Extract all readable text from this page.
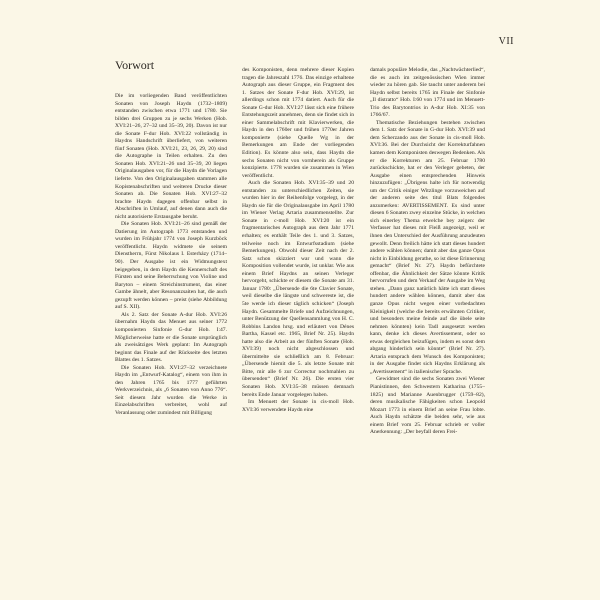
VII
Vorwort

Die im vorliegenden Band veröffentlichten Sonaten von Joseph Haydn (1732–1809) entstanden zwischen etwa 1771 und 1780. Sie bilden drei Gruppen zu je sechs Werken (Hob. XVI:21–26, 27–32 und 35–39, 20). Davon ist nur die Sonate F-dur Hob. XVI:22 vollständig in Haydns Handschrift überliefert, von weiteren fünf Sonaten (Hob. XVI:21, 23, 26, 29, 20) sind die Autographe in Teilen erhalten. Zu den Sonaten Hob. XVI:21–26 und 35–39, 20 liegen Originalausgaben vor, für die Haydn die Vorlagen lieferte. Von den Originalausgaben stammen alle Kopistenabschriften und weiteren Drucke dieser Sonaten ab. Die Sonaten Hob. XVI:27–32 brachte Haydn dagegen offenbar selbst in Abschriften in Umlauf, auf denen dann auch die nicht autorisierte Erstausgabe beruht.

Die Sonaten Hob. XVI:21–26 sind gemäß der Datierung im Autograph 1773 entstanden und wurden im Frühjahr 1774 von Joseph Kurzböck veröffentlicht. Haydn widmete sie seinem Dienstherrn, Fürst Nikolaus I. Esterházy (1714–90). Der Ausgabe ist ein Widmungstext beigegeben, in dem Haydn die Kennerschaft des Fürsten und seine Beherrschung von Violine und Baryton – einem Streichinstrument, das einer Gambe ähnelt, aber Resonanzsaiten hat, die auch gezupft werden können – preist (siehe Abbildung auf S. XII).

Als 2. Satz der Sonate A-dur Hob. XVI:26 übernahm Haydn das Menuet aus seiner 1772 komponierten Sinfonie G-dur Hob. I:47. Möglicherweise hatte er die Sonate ursprünglich als zweisätziges Werk geplant: Im Autograph beginnt das Finale auf der Rückseite des letzten Blattes des 1. Satzes.

Die Sonaten Hob. XVI:27–32 verzeichnete Haydn im „Entwurf-Katalog“, einem von ihm in den Jahren 1765 bis 1777 geführten Werkverzeichnis, als „6 Sonaten von Anno 776“. Seit diesem Jahr wurden die Werke in Einzelabschriften verbreitet, wohl auf Veranlassung oder zumindest mit Billigung

des Komponisten, denn mehrere dieser Kopien tragen die Jahreszahl 1776. Das einzige erhaltene Autograph aus dieser Gruppe, ein Fragment des 1. Satzes der Sonate F-dur Hob. XVI:29, ist allerdings schon mit 1774 datiert. Auch für die Sonate G-dur Hob. XVI:27 lässt sich eine frühere Entstehungszeit annehmen, denn sie findet sich in einer Sammelabschrift mit Klavierwerken, die Haydn in den 1760er und frühen 1770er Jahren komponierte (siehe Quelle Wg in der Bemerkungen am Ende der vorliegenden Edition). Es könnte also sein, dass Haydn die sechs Sonaten nicht von vornherein als Gruppe konzipierte. 1778 wurden sie zusammen in Wien veröffentlicht.

Auch die Sonaten Hob. XVI:35–39 und 20 entstanden zu unterschiedlichen Zeiten, sie wurden hier in der Reihenfolge vorgelegt, in der Haydn sie für die Originalausgabe im April 1780 im Wiener Verlag Artaria zusammenstellte. Zur Sonate in c-moll Hob. XVI:20 ist ein fragmentarisches Autograph aus dem Jahr 1771 erhalten; es enthält Teile des 1. und 3. Satzes, teilweise noch im Entwurfsstadium (siehe Bemerkungen). Obwohl dieser Zeit nach der 2. Satz schon skizziert war und wann die Komposition vollendet wurde, ist unklar. Wie aus einem Brief Haydns an seinen Verleger hervorgeht, schickte er diesem die Sonate am 31. Januar 1780: „Übersende die 6te Clavier Sonate, weil dieselbe die längste und schwereste ist, die 5te werde ich dieser täglich schicken“ (Joseph Haydn. Gesammelte Briefe und Aufzeichnungen, unter Benützung der Quellensammlung von H. C. Robbins Landon hrsg. und erläutert von Dénes Bartha, Kassel etc. 1965, Brief Nr. 25). Haydn hatte also die Arbeit an der fünften Sonate (Hob. XVI:39) noch nicht abgeschlossen und übermittelte sie schließlich am 8. Februar: „Übersende hiemit die 5. als letzte Sonate mit Bitte, mir alle 6 zur Correctur nochmahlen zu übersenden“ (Brief Nr. 26). Die ersten vier Sonaten Hob. XVI:35–38 müssen demnach bereits Ende Januar vorgelegen haben.

Im Menuett der Sonate in cis-moll Hob. XVI:36 verwendete Haydn eine

damals populäre Melodie, das „Nachtwächterlied“, die es auch im zeitgenössischen Wien immer wieder zu hören gab. Sie taucht unter anderem bei Haydn selbst bereits 1765 im Finale der Sinfonie „Il distratto“ Hob. I:60 von 1774 und im Menuett-Trio des Barytontrios in A-dur Hob. XI:35 von 1766/67.

Thematische Beziehungen bestehen zwischen dem 1. Satz der Sonate in G-dur Hob. XVI:39 und dem Scherzando aus der Sonate in cis-moll Hob. XVI:36. Bei der Durchsicht der Korrekturfahnen kamen dem Komponisten deswegen Bedenken. Als er die Korrekturen am 25. Februar 1780 zurückschickte, hat er den Verleger gebeten, der Ausgabe einen entsprechenden Hinweis hinzuzufügen: „Übrigens halte ich für notwendig um der Critik einiger Witzlinge vorzuweichen auf der anderen seite des titul Blats folgendes anzumerken: AVERTISSEMENT. Es sind unter diesen 6 Sonaten zwey einzelne Stücke, in welchen sich einerley Thema etwelche bey zeigen: der Verfasser hat dieses mit Fleiß angezeigt, weil er ihnen den Unterschied der Ausführung anzudeuten gewollt. Denn freilich hätte ich statt dieses hundert andere wählen können; damit aber das ganze Opus nicht in Einbildung gerathe, so ist diese Erinnerung gemacht“ (Brief Nr. 27). Haydn befürchtete offenbar, die Ähnlichkeit der Sätze könnte Kritik hervorrufen und dem Verkauf der Ausgabe im Weg stehen. „Dann ganz natürlich hätte ich statt dieses hundert andere wählen können, damit aber das ganze Opus nicht wegen einer vorbedachten Kleinigkeit (welche die bereits erwähnten Critiker, und besonders meine feinde auf die übele seite nehmen könnten) kein Tadl ausgesetzt werden kann, denke ich dieses Avertissement, oder so etwas dergleichen beizufügen, indem es sonst dem abgang hinderlich sein könnte“ (Brief Nr. 27). Artaria entsprach dem Wunsch des Komponisten; in der Ausgabe findet sich Haydns Erklärung als „Avertissement“ in italienischer Sprache.

Gewidmet sind die sechs Sonaten zwei Wiener Pianistinnen, den Schwestern Katharina (1755–1825) und Marianne Auenbrugger (1759–82), deren musikalische Fähigkeiten schon Leopold Mozart 1773 in einem Brief an seine Frau lobte. Auch Haydn schätzte die beiden sehr, wie aus einem Brief vom 25. Februar schrieb er voller Anerkennung: „Der beyfall deren Frei-
